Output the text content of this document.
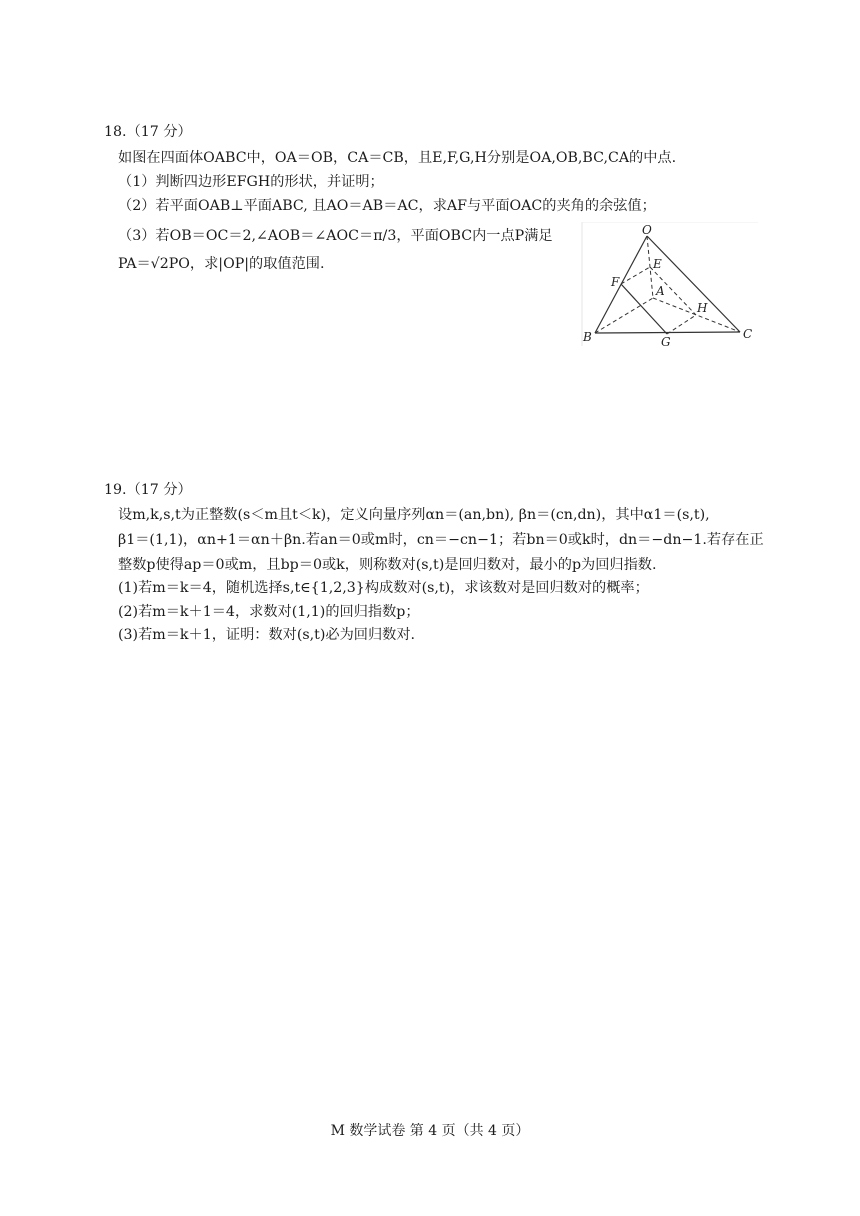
18.（17 分）
如图在四面体OABC中，OA＝OB，CA＝CB，且E,F,G,H分别是OA,OB,BC,CA的中点.
（1）判断四边形EFGH的形状，并证明；
（2）若平面OAB⊥平面ABC, 且AO＝AB＝AC，求AF与平面OAC的夹角的余弦值；
（3）若OB＝OC＝2,∠AOB＝∠AOC＝π/3，平面OBC内一点P满足
PA＝√2PO，求|OP|的取值范围.
O
E
F
A
H
B	G
C
19.（17 分）
设m,k,s,t为正整数(s＜m且t＜k)，定义向量序列αn＝(an,bn), βn＝(cn,dn)，其中α1＝(s,t),
β1＝(1,1)，αn+1＝αn＋βn.若an＝0或m时，cn＝−cn−1；若bn＝0或k时，dn＝−dn−1.若存在正
整数p使得ap＝0或m，且bp＝0或k，则称数对(s,t)是回归数对，最小的p为回归指数.
(1)若m＝k＝4，随机选择s,t∈{1,2,3}构成数对(s,t)，求该数对是回归数对的概率；
(2)若m＝k＋1＝4，求数对(1,1)的回归指数p；
(3)若m＝k＋1，证明：数对(s,t)必为回归数对.
M 数学试卷 第 4 页（共 4 页）
